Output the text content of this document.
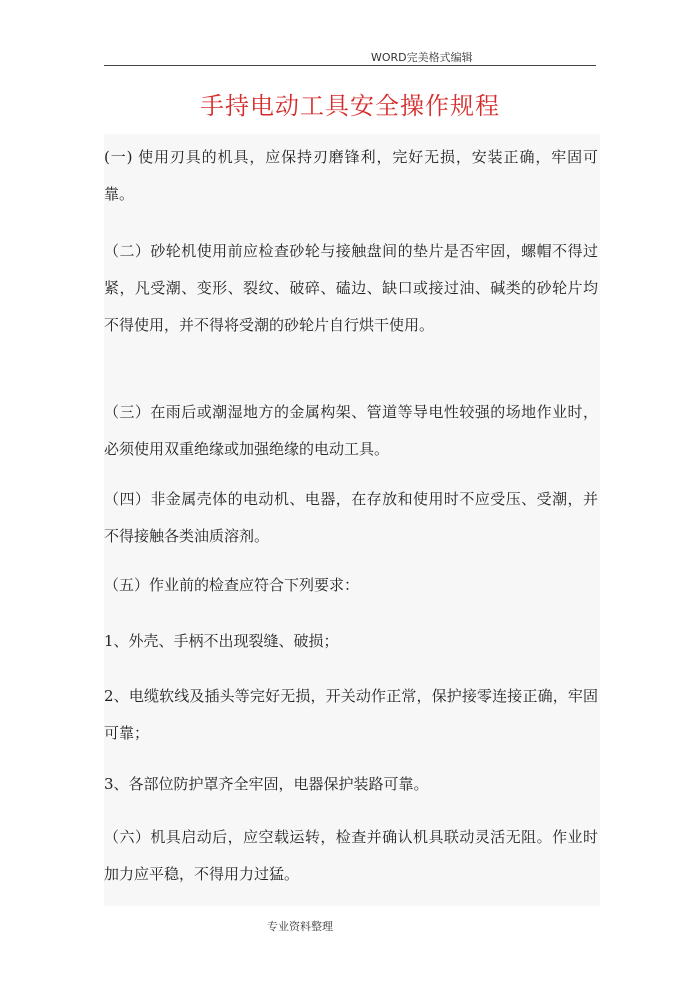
WORD完美格式编辑
手持电动工具安全操作规程

(一) 使用刃具的机具，应保持刃磨锋利，完好无损，安装正确，牢固可靠。

（二）砂轮机使用前应检查砂轮与接触盘间的垫片是否牢固，螺帽不得过紧，凡受潮、变形、裂纹、破碎、磕边、缺口或接过油、碱类的砂轮片均不得使用，并不得将受潮的砂轮片自行烘干使用。

（三）在雨后或潮湿地方的金属构架、管道等导电性较强的场地作业时，必须使用双重绝缘或加强绝缘的电动工具。

（四）非金属壳体的电动机、电器，在存放和使用时不应受压、受潮，并不得接触各类油质溶剂。

（五）作业前的检查应符合下列要求：

1、外壳、手柄不出现裂缝、破损；

2、电缆软线及插头等完好无损，开关动作正常，保护接零连接正确，牢固可靠；

3、各部位防护罩齐全牢固，电器保护装路可靠。

（六）机具启动后，应空载运转，检查并确认机具联动灵活无阻。作业时加力应平稳，不得用力过猛。

专业资料整理
